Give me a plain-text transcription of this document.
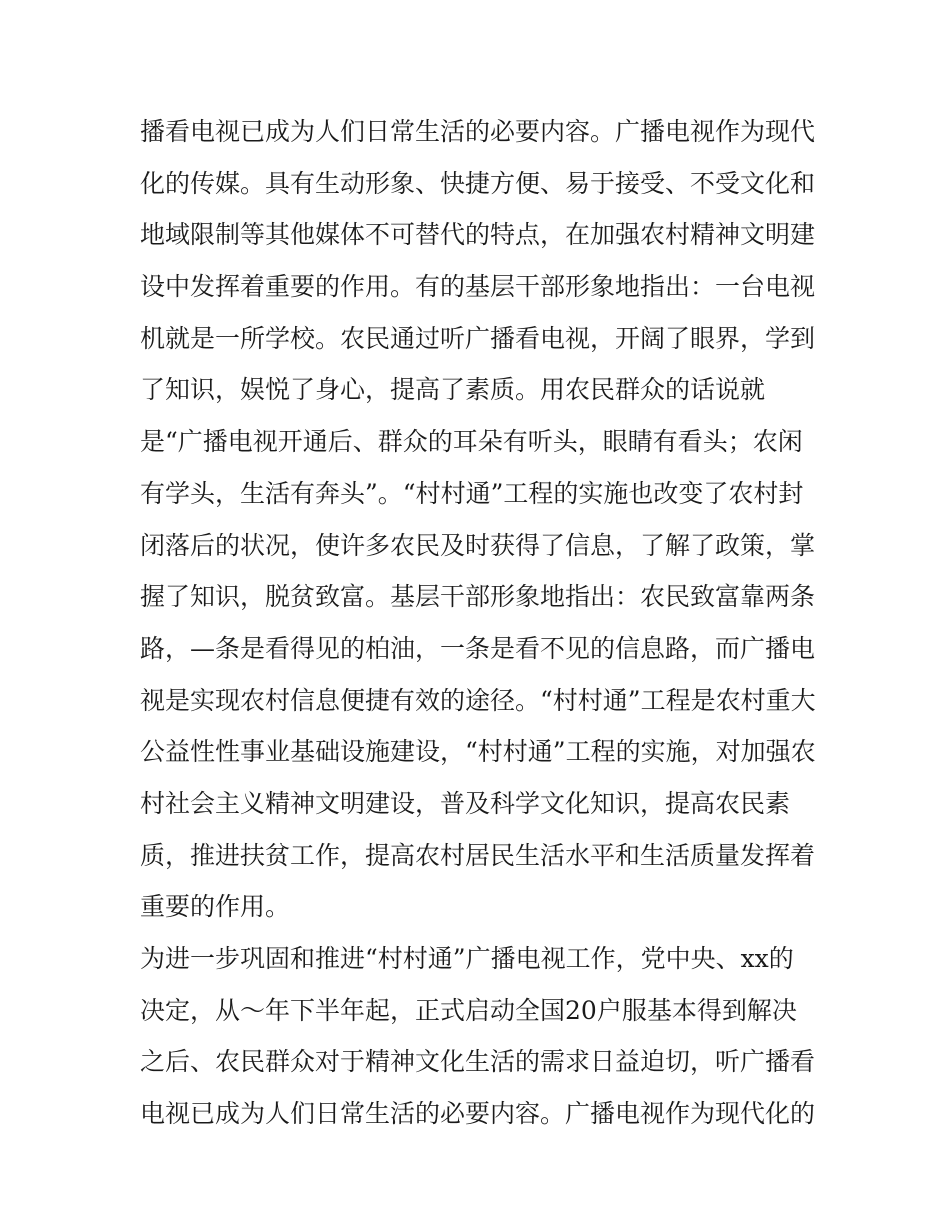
播看电视已成为人们日常生活的必要内容。广播电视作为现代
化的传媒。具有生动形象、快捷方便、易于接受、不受文化和
地域限制等其他媒体不可替代的特点，在加强农村精神文明建
设中发挥着重要的作用。有的基层干部形象地指出：一台电视
机就是一所学校。农民通过听广播看电视，开阔了眼界，学到
了知识，娱悦了身心，提高了素质。用农民群众的话说就
是“广播电视开通后、群众的耳朵有听头，眼睛有看头；农闲
有学头，生活有奔头”。“村村通”工程的实施也改变了农村封
闭落后的状况，使许多农民及时获得了信息，了解了政策，掌
握了知识，脱贫致富。基层干部形象地指出：农民致富靠两条
路，—条是看得见的柏油，一条是看不见的信息路，而广播电
视是实现农村信息便捷有效的途径。“村村通”工程是农村重大
公益性性事业基础设施建设，“村村通”工程的实施，对加强农
村社会主义精神文明建设，普及科学文化知识，提高农民素
质，推进扶贫工作，提高农村居民生活水平和生活质量发挥着
重要的作用。
为进一步巩固和推进“村村通”广播电视工作，党中央、xx的
决定，从～年下半年起，正式启动全国20户服基本得到解决
之后、农民群众对于精神文化生活的需求日益迫切，听广播看
电视已成为人们日常生活的必要内容。广播电视作为现代化的
